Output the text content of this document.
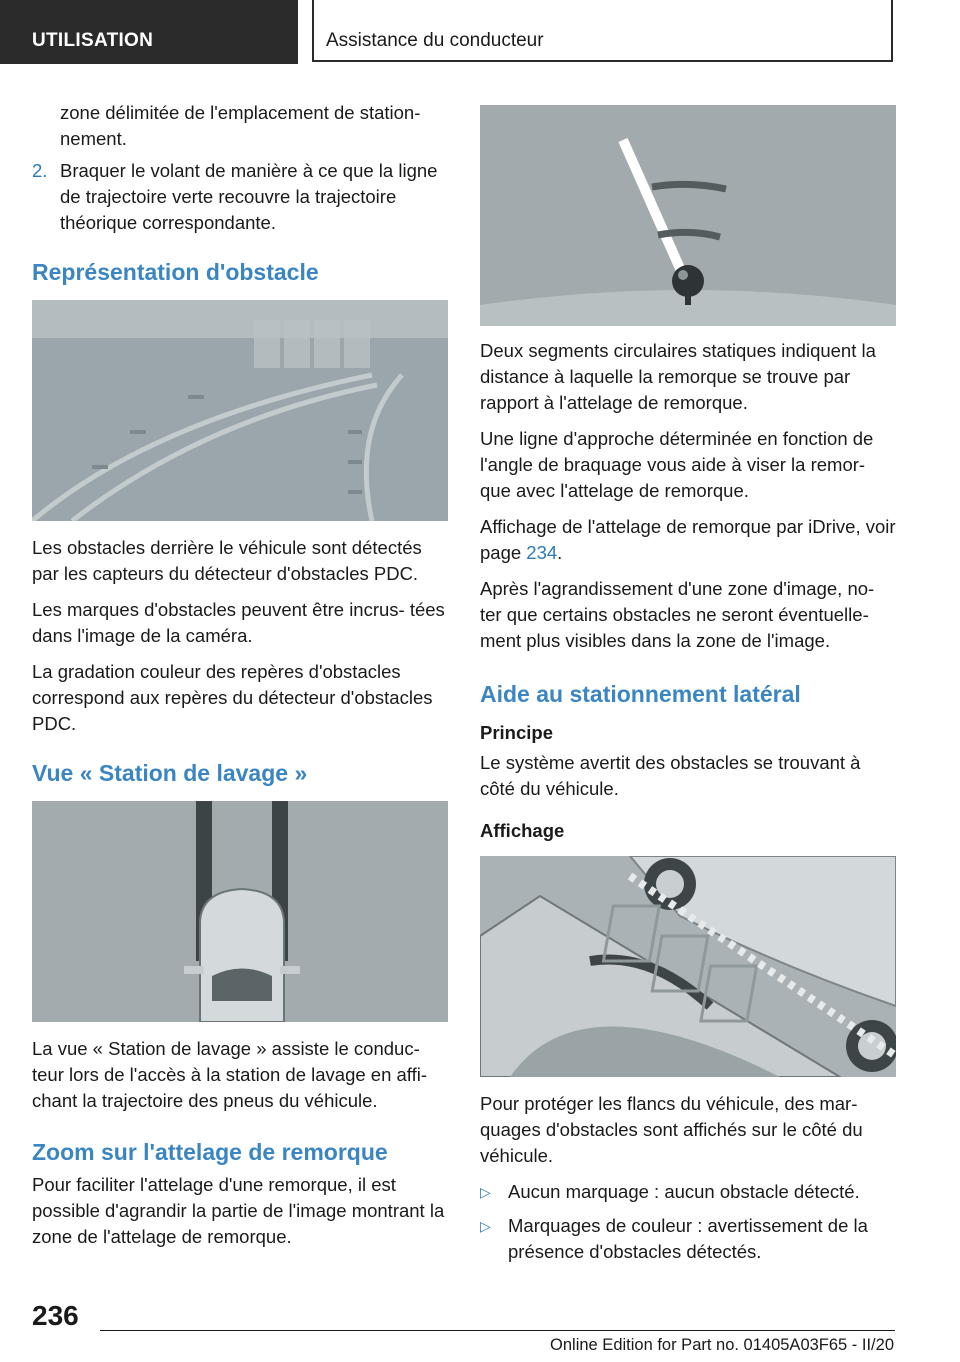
UTILISATION	Assistance du conducteur

zone délimitée de l'emplacement de station- nement.

2. Braquer le volant de manière à ce que la ligne de trajectoire verte recouvre la trajectoire théorique correspondante.
Représentation d'obstacle

Les obstacles derrière le véhicule sont détectés par les capteurs du détecteur d'obstacles PDC.

Les marques d'obstacles peuvent être incrus- tées dans l'image de la caméra.

La gradation couleur des repères d'obstacles correspond aux repères du détecteur d'obstacles PDC.

Vue « Station de lavage »

La vue « Station de lavage » assiste le conduc- teur lors de l'accès à la station de lavage en affi- chant la trajectoire des pneus du véhicule.

Zoom sur l'attelage de remorque

Pour faciliter l'attelage d'une remorque, il est possible d'agrandir la partie de l'image montrant la zone de l'attelage de remorque.

Deux segments circulaires statiques indiquent la distance à laquelle la remorque se trouve par rapport à l'attelage de remorque.

Une ligne d'approche déterminée en fonction de l'angle de braquage vous aide à viser la remor- que avec l'attelage de remorque.

Affichage de l'attelage de remorque par iDrive, voir page 234.

Après l'agrandissement d'une zone d'image, no- ter que certains obstacles ne seront éventuelle- ment plus visibles dans la zone de l'image.

Aide au stationnement latéral
Principe

Le système avertit des obstacles se trouvant à côté du véhicule.

Affichage

Pour protéger les flancs du véhicule, des mar- quages d'obstacles sont affichés sur le côté du véhicule.

▷ Aucun marquage : aucun obstacle détecté.
▷ Marquages de couleur : avertissement de la présence d'obstacles détectés.
236
Online Edition for Part no. 01405A03F65 - II/20
